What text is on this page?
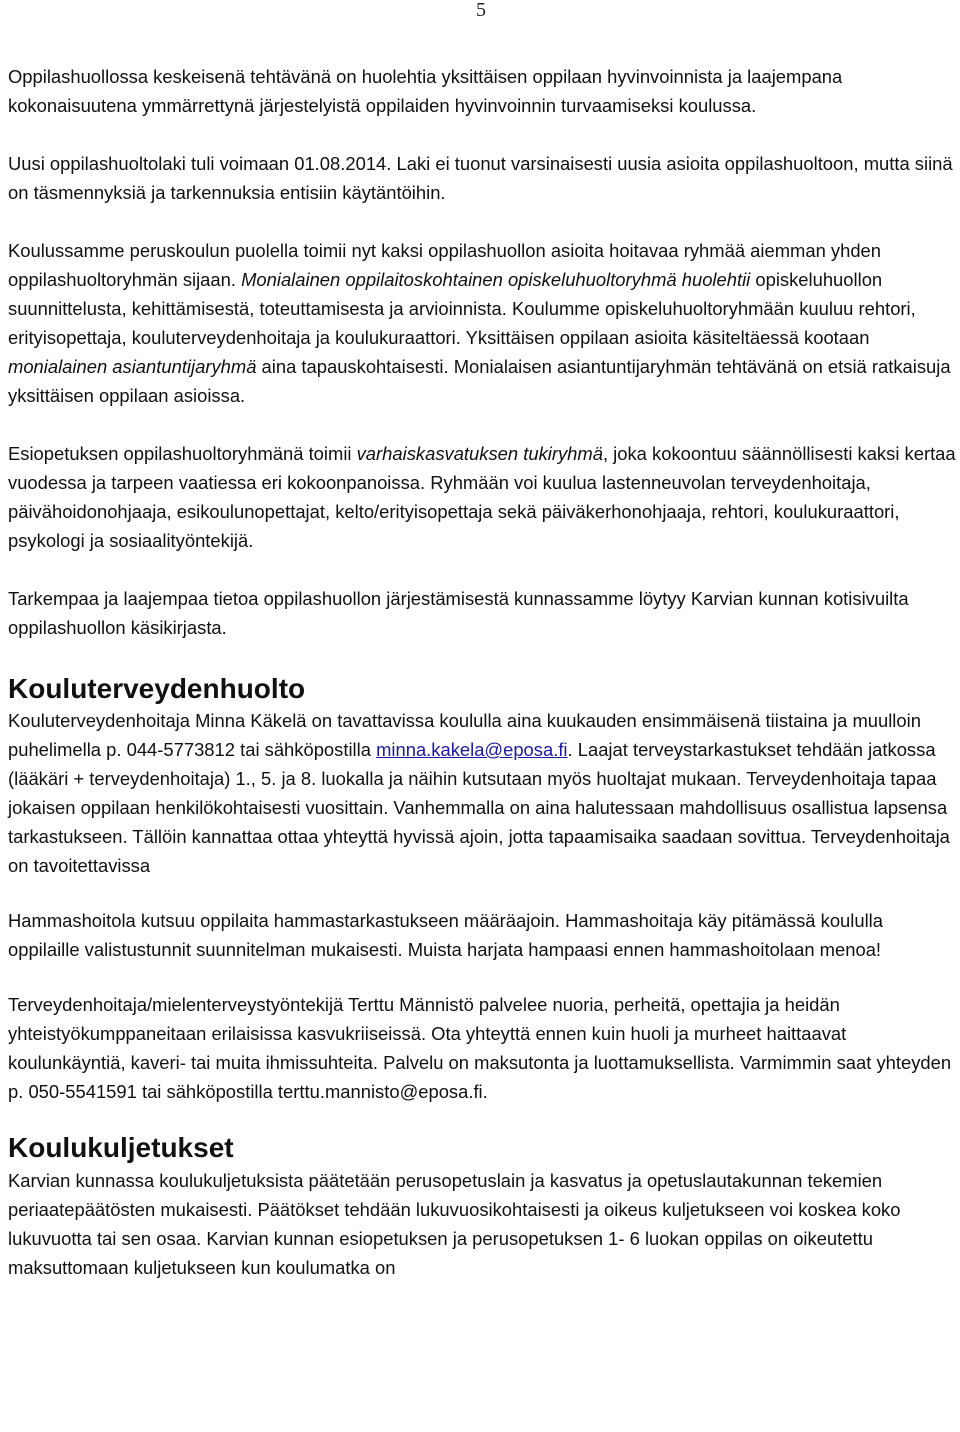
5

Oppilashuollossa keskeisenä tehtävänä on huolehtia yksittäisen oppilaan hyvinvoinnista ja laajempana kokonaisuutena ymmärrettynä järjestelyistä oppilaiden hyvinvoinnin turvaamiseksi koulussa.

Uusi oppilashuoltolaki tuli voimaan 01.08.2014. Laki ei tuonut varsinaisesti uusia asioita oppilashuoltoon, mutta siinä on täsmennyksiä ja tarkennuksia entisiin käytäntöihin.

Koulussamme peruskoulun puolella toimii nyt kaksi oppilashuollon asioita hoitavaa ryhmää aiemman yhden oppilashuoltoryhmän sijaan. Monialainen oppilaitoskohtainen opiskeluhuoltoryhmä huolehtii opiskeluhuollon suunnittelusta, kehittämisestä, toteuttamisesta ja arvioinnista. Koulumme opiskeluhuoltoryhmään kuuluu rehtori, erityisopettaja, kouluterveydenhoitaja ja koulukuraattori. Yksittäisen oppilaan asioita käsiteltäessä kootaan monialainen asiantuntijaryhmä aina tapauskohtaisesti. Monialaisen asiantuntijaryhmän tehtävänä on etsiä ratkaisuja yksittäisen oppilaan asioissa.

Esiopetuksen oppilashuoltoryhmänä toimii varhaiskasvatuksen tukiryhmä, joka kokoontuu säännöllisesti kaksi kertaa vuodessa ja tarpeen vaatiessa eri kokoonpanoissa. Ryhmään voi kuulua lastenneuvolan terveydenhoitaja, päivähoidonohjaaja, esikoulunopettajat, kelto/erityisopettaja sekä päiväkerhonohjaaja, rehtori, koulukuraattori, psykologi ja sosiaalityöntekijä.

Tarkempaa ja laajempaa tietoa oppilashuollon järjestämisestä kunnassamme löytyy Karvian kunnan kotisivuilta oppilashuollon käsikirjasta.

Kouluterveydenhuolto

Kouluterveydenhoitaja Minna Käkelä on tavattavissa koululla aina kuukauden ensimmäisenä tiistaina ja muulloin puhelimella p. 044-5773812 tai sähköpostilla minna.kakela@eposa.fi. Laajat terveystarkastukset tehdään jatkossa (lääkäri + terveydenhoitaja) 1., 5. ja 8. luokalla ja näihin kutsutaan myös huoltajat mukaan. Terveydenhoitaja tapaa jokaisen oppilaan henkilökohtaisesti vuosittain. Vanhemmalla on aina halutessaan mahdollisuus osallistua lapsensa tarkastukseen. Tällöin kannattaa ottaa yhteyttä hyvissä ajoin, jotta tapaamisaika saadaan sovittua. Terveydenhoitaja on tavoitettavissa

Hammashoitola kutsuu oppilaita hammastarkastukseen määräajoin. Hammashoitaja käy pitämässä koululla oppilaille valistustunnit suunnitelman mukaisesti. Muista harjata hampaasi ennen hammashoitolaan menoa!

Terveydenhoitaja/mielenterveystyöntekijä Terttu Männistö palvelee nuoria, perheitä, opettajia ja heidän yhteistyökumppaneitaan erilaisissa kasvukriiseissä. Ota yhteyttä ennen kuin huoli ja murheet haittaavat koulunkäyntiä, kaveri- tai muita ihmissuhteita. Palvelu on maksutonta ja luottamuksellista. Varmimmin saat yhteyden p. 050-5541591 tai sähköpostilla terttu.mannisto@eposa.fi.

Koulukuljetukset

Karvian kunnassa koulukuljetuksista päätetään perusopetuslain ja kasvatus ja opetuslautakunnan tekemien periaatepäätösten mukaisesti. Päätökset tehdään lukuvuosikohtaisesti ja oikeus kuljetukseen voi koskea koko lukuvuotta tai sen osaa. Karvian kunnan esiopetuksen ja perusopetuksen 1- 6 luokan oppilas on oikeutettu maksuttomaan kuljetukseen kun koulumatka on
